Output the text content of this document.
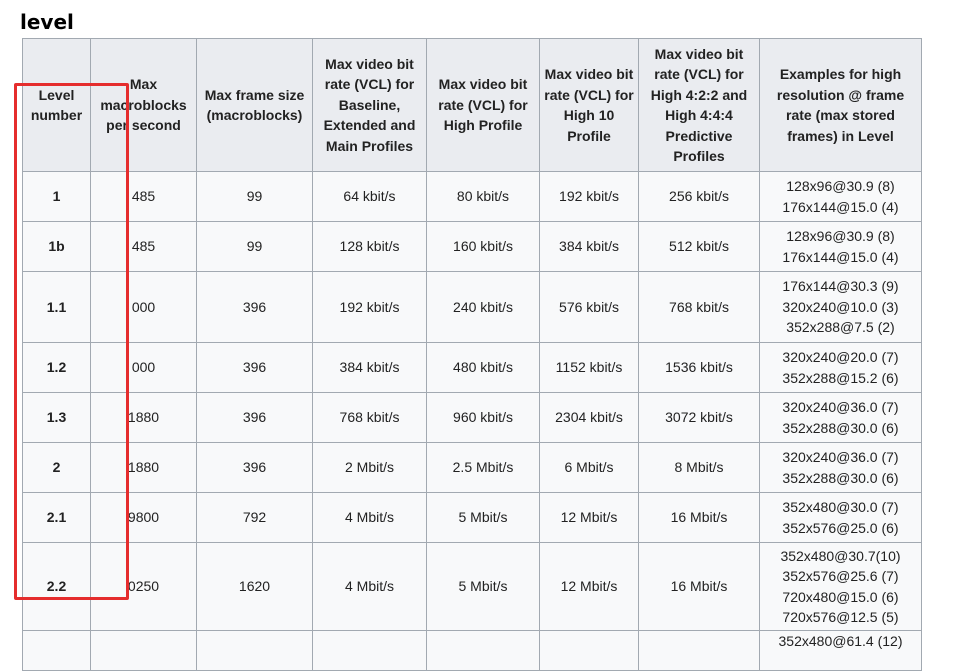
level
Level number	Max macroblocks per second	Max frame size (macroblocks)	Max video bit rate (VCL) for Baseline, Extended and Main Profiles	Max video bit rate (VCL) for High Profile	Max video bit rate (VCL) for High 10 Profile	Max video bit rate (VCL) for High 4:2:2 and High 4:4:4 Predictive Profiles	Examples for high resolution @ frame rate (max stored frames) in Level
1	485	99	64 kbit/s	80 kbit/s	192 kbit/s	256 kbit/s	128x96@30.9 (8)
176x144@15.0 (4)

1b	485	99	128 kbit/s	160 kbit/s	384 kbit/s	512 kbit/s	128x96@30.9 (8)
176x144@15.0 (4)

1.1	000	396	192 kbit/s	240 kbit/s	576 kbit/s	768 kbit/s	176x144@30.3 (9)
320x240@10.0 (3)
352x288@7.5 (2)

1.2	000	396	384 kbit/s	480 kbit/s	1152 kbit/s	1536 kbit/s	320x240@20.0 (7)
352x288@15.2 (6)

1.3	1880	396	768 kbit/s	960 kbit/s	2304 kbit/s	3072 kbit/s	320x240@36.0 (7)
352x288@30.0 (6)

2	1880	396	2 Mbit/s	2.5 Mbit/s	6 Mbit/s	8 Mbit/s	320x240@36.0 (7)
352x288@30.0 (6)

2.1	9800	792	4 Mbit/s	5 Mbit/s	12 Mbit/s	16 Mbit/s	352x480@30.0 (7)
352x576@25.0 (6)

2.2	0250	1620	4 Mbit/s	5 Mbit/s	12 Mbit/s	16 Mbit/s	352x480@30.7(10)
352x576@25.6 (7)
720x480@15.0 (6)
720x576@12.5 (5)

							352x480@61.4 (12)
